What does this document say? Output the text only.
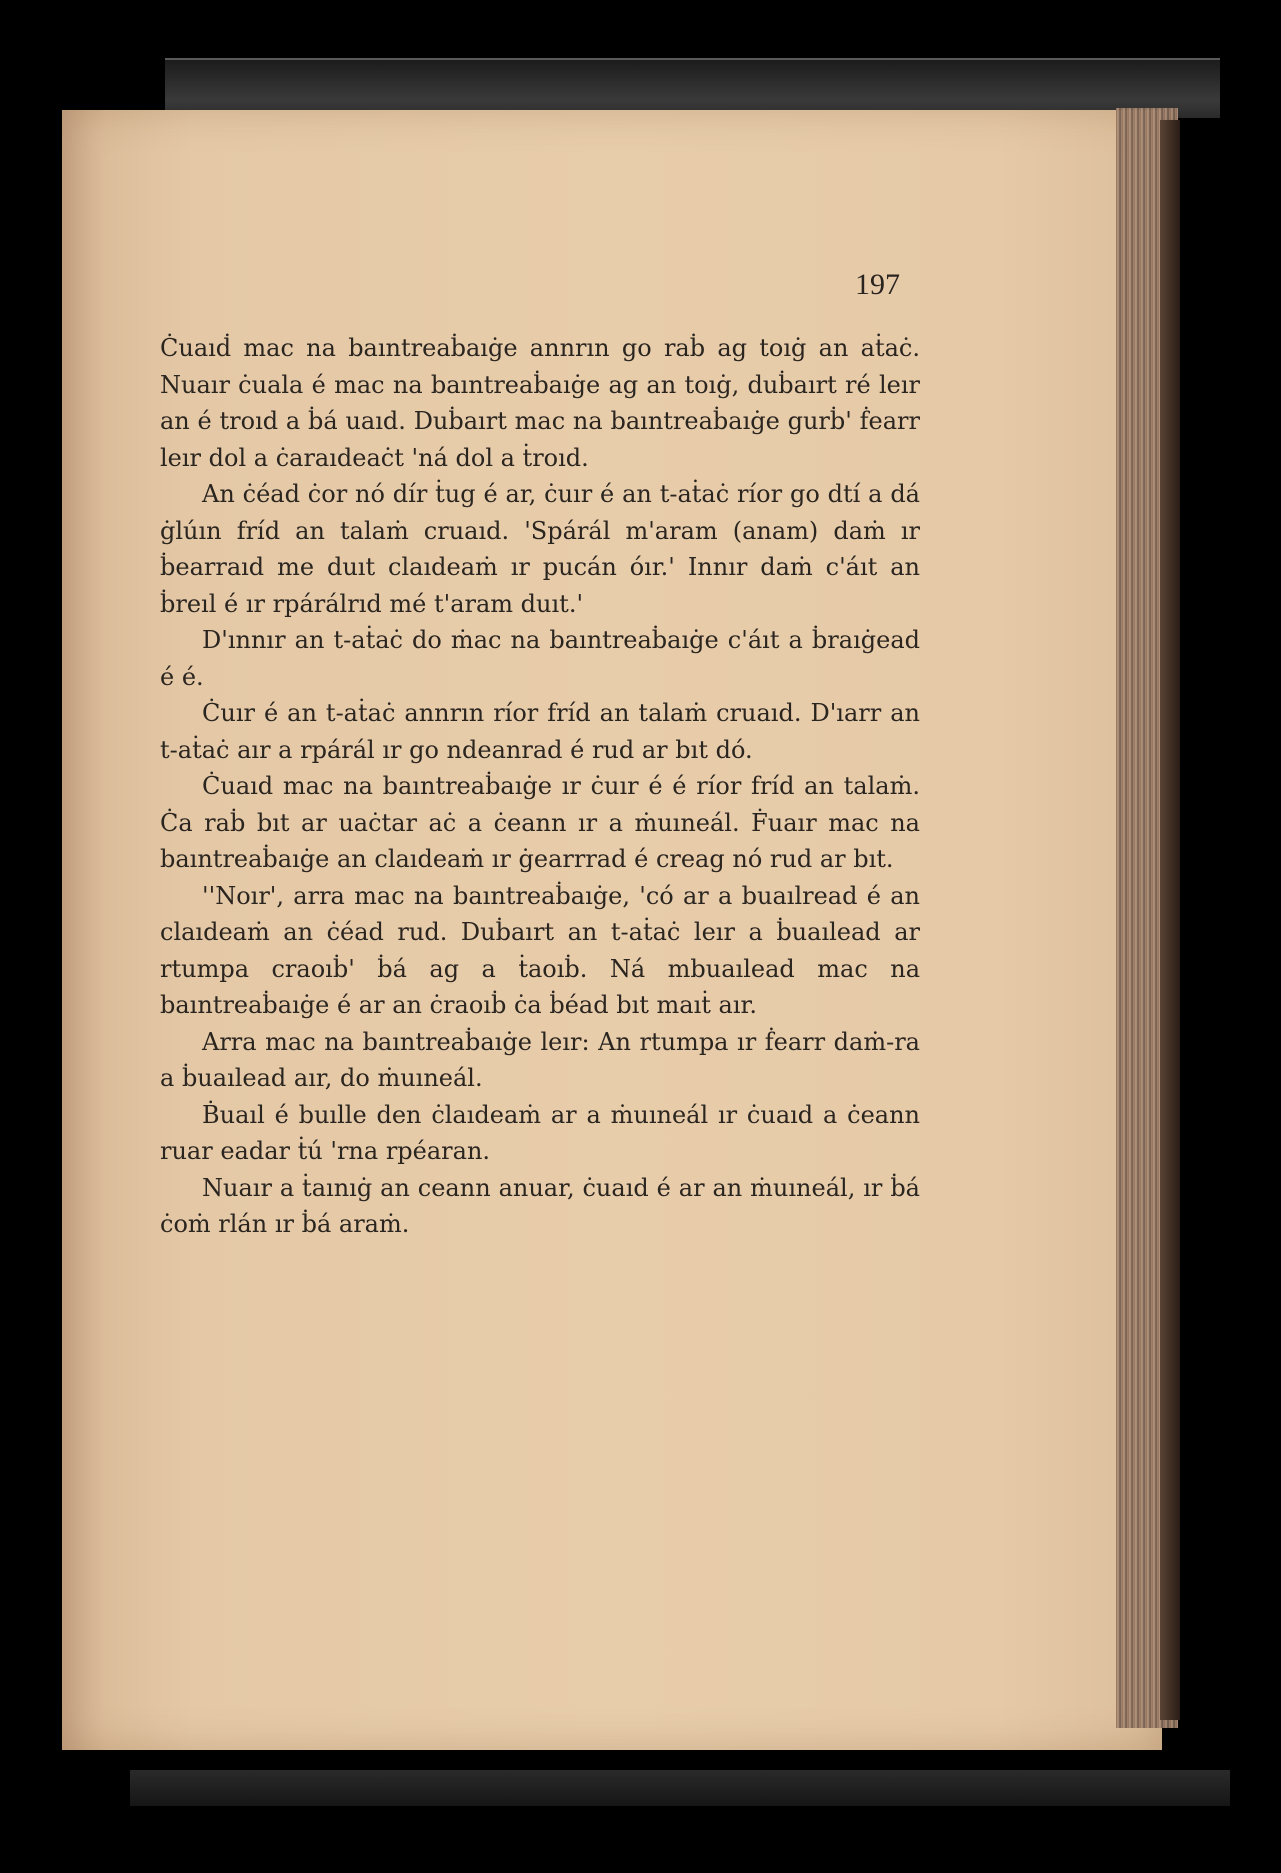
197

Ċuaıḋ mac na baıntreaḃaıġe annrın go raḃ ag toıġ an aṫaċ. Nuaır ċuala é mac na baıntreaḃaıġe ag an toıġ, duḃaırt ré leır an é troıd a ḃá uaıd. Duḃaırt mac na baıntreaḃaıġe gurḃ' ḟearr leır dol a ċaraıdeaċt 'ná dol a ṫroıd.

An ċéad ċor nó dír ṫug é ar, ċuır é an t-aṫaċ ríor go dtí a dá ġlúın fríd an talaṁ cruaıd. 'Spárál m'aram (anam) daṁ ır ḃearraıd me duıt claıdeaṁ ır pucán óır.' Innır daṁ c'áıt an ḃreıl é ır rpárálrıd mé t'aram duıt.'

D'ınnır an t-aṫaċ do ṁac na baıntreaḃaıġe c'áıt a ḃraıġead é é.

Ċuır é an t-aṫaċ annrın ríor fríd an talaṁ cruaıd. D'ıarr an t-aṫaċ aır a rpárál ır go ndeanrad é rud ar bıt dó.

Ċuaıd mac na baıntreaḃaıġe ır ċuır é é ríor fríd an talaṁ. Ċa raḃ bıt ar uaċtar aċ a ċeann ır a ṁuıneál. Ḟuaır mac na baıntreaḃaıġe an claıdeaṁ ır ġearrrad é creag nó rud ar bıt.

''Noır', arra mac na baıntreaḃaıġe, 'có ar a buaılread é an claıdeaṁ an ċéad rud. Duḃaırt an t-aṫaċ leır a ḃuaılead ar rtumpa craoıḃ' ḃá ag a ṫaoıḃ. Ná mbuaılead mac na baıntreaḃaıġe é ar an ċraoıḃ ċa ḃéad bıt maıṫ aır.

Arra mac na baıntreaḃaıġe leır: An rtumpa ır ḟearr daṁ-ra a ḃuaılead aır, do ṁuıneál.

Ḃuaıl é buılle den ċlaıdeaṁ ar a ṁuıneál ır ċuaıd a ċeann ruar eadar ṫú 'rna rpéaran.

Nuaır a ṫaınıġ an ceann anuar, ċuaıd é ar an ṁuıneál, ır ḃá ċoṁ rlán ır ḃá araṁ.
